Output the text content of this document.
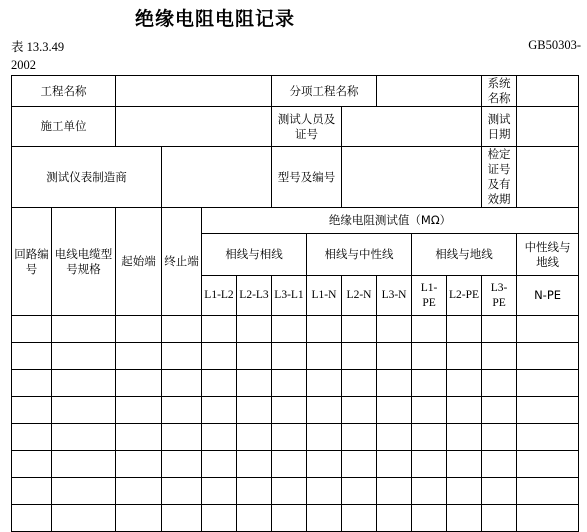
绝缘电阻电阻记录
表 13.3.49
2002
GB50303-
工程名称						分项工程名称						系统名称	
施工单位						测试人员及证号						测试日期	
测试仪表制造商						型号及编号						检定证号及有效期	
回路编号	电线电缆型号规格	起始端	终止端	绝缘电阻测试值（MΩ）									
				相线与相线			相线与中性线			相线与地线			中性线与地线
				L1-L2	L2-L3	L3-L1	L1-N	L2-N	L3-N	L1-PE	L2-PE	L3-PE	N-PE
